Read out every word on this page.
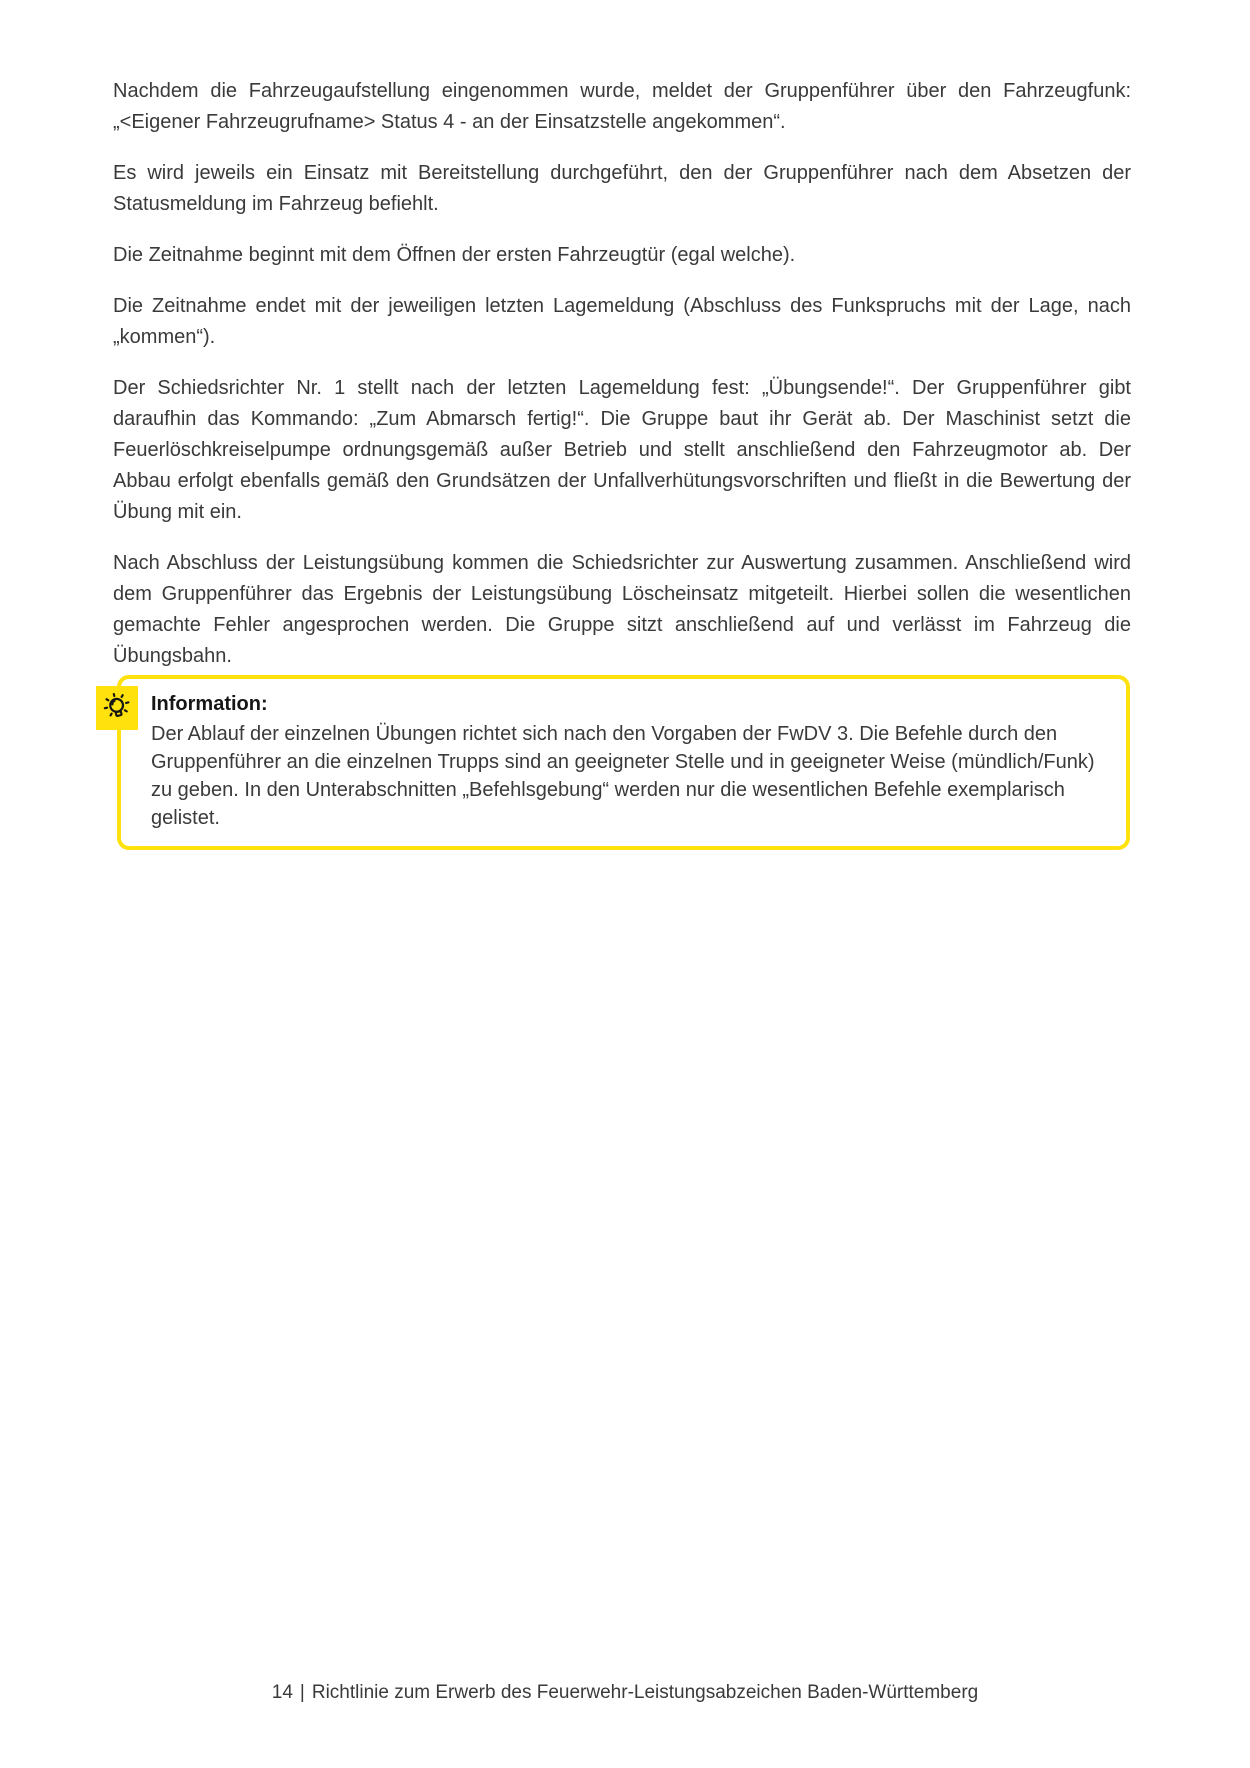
Nachdem die Fahrzeugaufstellung eingenommen wurde, meldet der Gruppenführer über den Fahrzeugfunk: „<Eigener Fahrzeugrufname> Status 4 - an der Einsatzstelle angekommen“.

Es wird jeweils ein Einsatz mit Bereitstellung durchgeführt, den der Gruppenführer nach dem Absetzen der Statusmeldung im Fahrzeug befiehlt.

Die Zeitnahme beginnt mit dem Öffnen der ersten Fahrzeugtür (egal welche).

Die Zeitnahme endet mit der jeweiligen letzten Lagemeldung (Abschluss des Funkspruchs mit der Lage, nach „kommen“).

Der Schiedsrichter Nr. 1 stellt nach der letzten Lagemeldung fest: „Übungsende!“. Der Gruppenführer gibt daraufhin das Kommando: „Zum Abmarsch fertig!“. Die Gruppe baut ihr Gerät ab. Der Maschinist setzt die Feuerlöschkreiselpumpe ordnungsgemäß außer Betrieb und stellt anschließend den Fahrzeugmotor ab. Der Abbau erfolgt ebenfalls gemäß den Grundsätzen der Unfallverhütungsvorschriften und fließt in die Bewertung der Übung mit ein.

Nach Abschluss der Leistungsübung kommen die Schiedsrichter zur Auswertung zusammen. Anschließend wird dem Gruppenführer das Ergebnis der Leistungsübung Löscheinsatz mitgeteilt. Hierbei sollen die wesentlichen gemachte Fehler angesprochen werden. Die Gruppe sitzt anschließend auf und verlässt im Fahrzeug die Übungsbahn.

Information:

Der Ablauf der einzelnen Übungen richtet sich nach den Vorgaben der FwDV 3. Die Befehle durch den Gruppenführer an die einzelnen Trupps sind an geeigneter Stelle und in geeigneter Weise (mündlich/Funk) zu geben. In den Unterabschnitten „Befehlsgebung“ werden nur die wesentlichen Befehle exemplarisch gelistet.

14 | Richtlinie zum Erwerb des Feuerwehr-Leistungsabzeichen Baden-Württemberg
